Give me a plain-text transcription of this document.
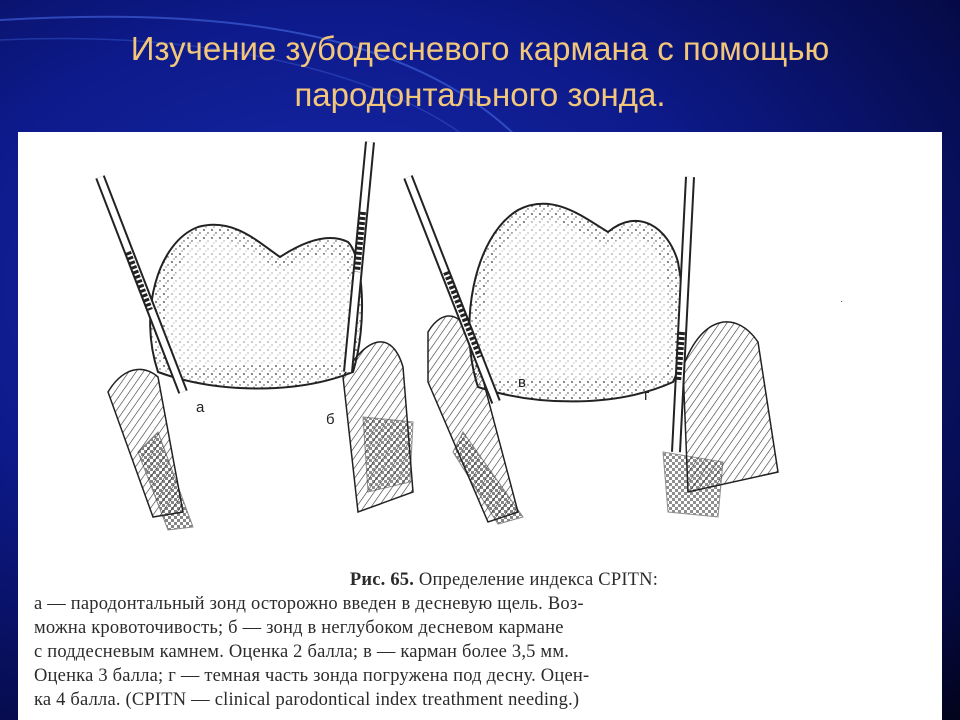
Изучение зубодесневого кармана с помощью
пародонтального зонда.
а
б
в
г
·
Рис. 65. Определение индекса CPITN:
а — пародонтальный зонд осторожно введен в десневую щель. Воз-
можна кровоточивость; б — зонд в неглубоком десневом кармане
с поддесневым камнем. Оценка 2 балла; в — карман более 3,5 мм.
Оценка 3 балла; г — темная часть зонда погружена под десну. Оцен-
ка 4 балла. (CPITN — clinical parodontical index treathment needing.)
